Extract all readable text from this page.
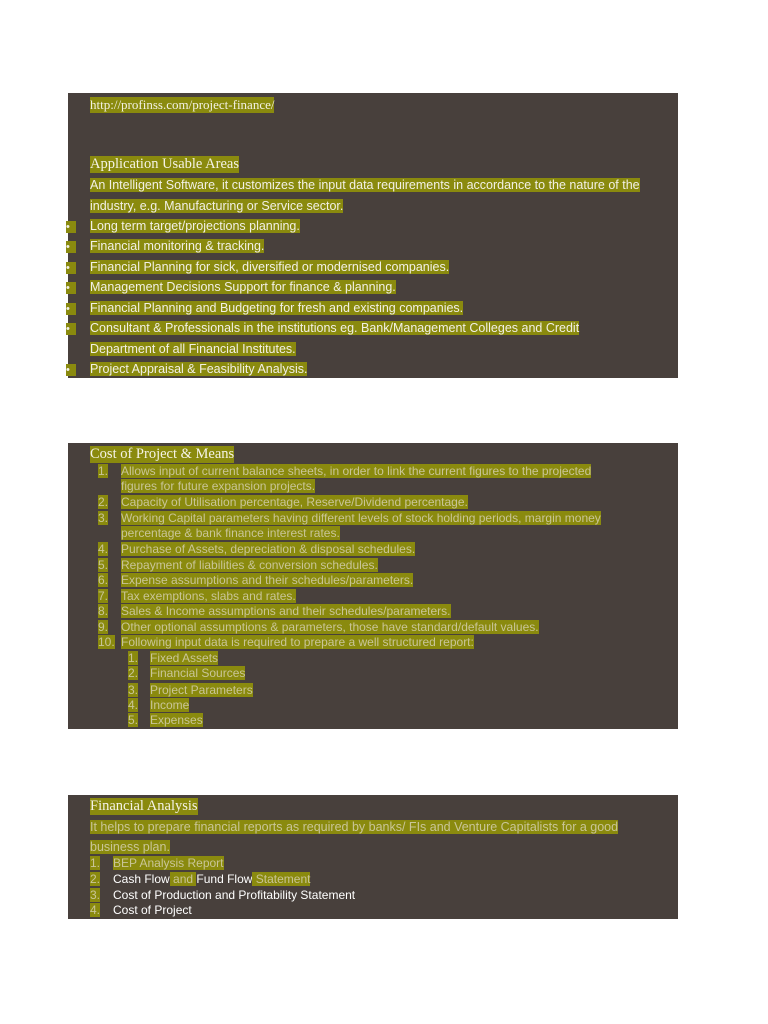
http://profinss.com/project-finance/
Application Usable Areas
An Intelligent Software, it customizes the input data requirements in accordance to the nature of the
industry, e.g. Manufacturing or Service sector.
• Long term target/projections planning.
• Financial monitoring & tracking.
• Financial Planning for sick, diversified or modernised companies.
• Management Decisions Support for finance & planning.
• Financial Planning and Budgeting for fresh and existing companies.
• Consultant & Professionals in the institutions eg. Bank/Management Colleges and Credit
Department of all Financial Institutes.
• Project Appraisal & Feasibility Analysis.
Cost of Project & Means
1. Allows input of current balance sheets, in order to link the current figures to the projected
figures for future expansion projects.
2. Capacity of Utilisation percentage, Reserve/Dividend percentage.
3. Working Capital parameters having different levels of stock holding periods, margin money
percentage & bank finance interest rates.
4. Purchase of Assets, depreciation & disposal schedules.
5. Repayment of liabilities & conversion schedules.
6. Expense assumptions and their schedules/parameters.
7. Tax exemptions, slabs and rates.
8. Sales & Income assumptions and their schedules/parameters.
9. Other optional assumptions & parameters, those have standard/default values.
10. Following input data is required to prepare a well structured report:
1. Fixed Assets
2. Financial Sources
3. Project Parameters
4. Income
5. Expenses
Financial Analysis
It helps to prepare financial reports as required by banks/ FIs and Venture Capitalists for a good
business plan.
1. BEP Analysis Report
2. Cash Flow and Fund Flow Statement
3. Cost of Production and Profitability Statement
4. Cost of Project
